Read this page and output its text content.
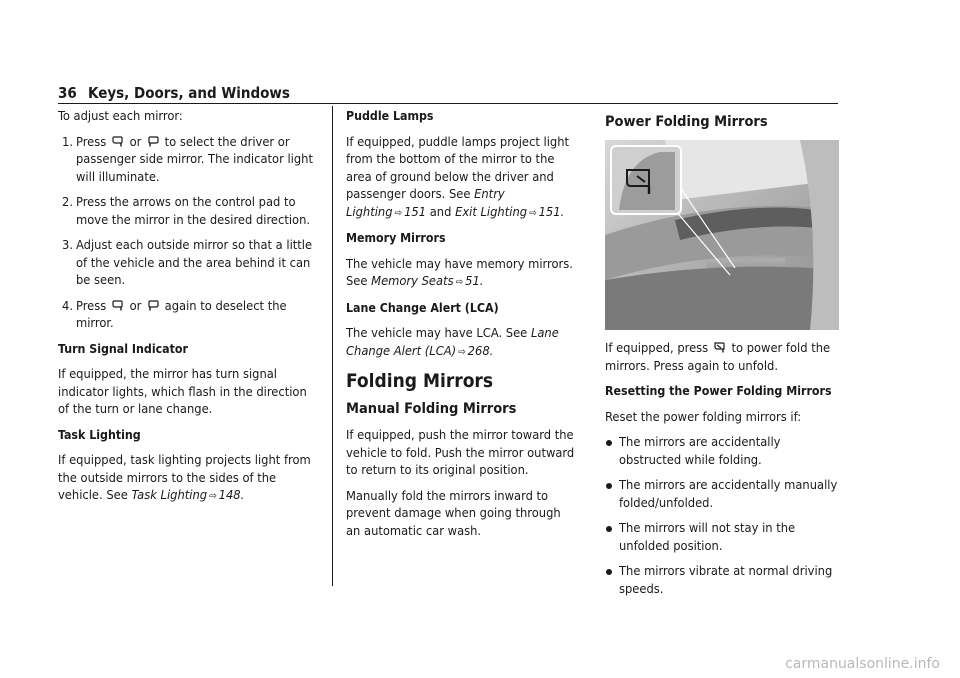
36 Keys, Doors, and Windows

To adjust each mirror:

1. Press or to select the driver or passenger side mirror. The indicator light will illuminate.
2. Press the arrows on the control pad to move the mirror in the desired direction.
3. Adjust each outside mirror so that a little of the vehicle and the area behind it can be seen.
4. Press or again to deselect the mirror.
Turn Signal Indicator

If equipped, the mirror has turn signal indicator lights, which flash in the direction of the turn or lane change.

Task Lighting

If equipped, task lighting projects light from the outside mirrors to the sides of the vehicle. See Task Lighting ⇨ 148.

Puddle Lamps

If equipped, puddle lamps project light from the bottom of the mirror to the area of ground below the driver and passenger doors. See Entry Lighting ⇨ 151 and Exit Lighting ⇨ 151.

Memory Mirrors

The vehicle may have memory mirrors. See Memory Seats ⇨ 51.

Lane Change Alert (LCA)

The vehicle may have LCA. See Lane Change Alert (LCA) ⇨ 268.

Folding Mirrors
Manual Folding Mirrors

If equipped, push the mirror toward the vehicle to fold. Push the mirror outward to return to its original position.

Manually fold the mirrors inward to prevent damage when going through an automatic car wash.

Power Folding Mirrors

If equipped, press to power fold the mirrors. Press again to unfold.

Resetting the Power Folding Mirrors

Reset the power folding mirrors if:

The mirrors are accidentally obstructed while folding.
The mirrors are accidentally manually folded/unfolded.
The mirrors will not stay in the unfolded position.
The mirrors vibrate at normal driving speeds.
carmanualsonline.info
